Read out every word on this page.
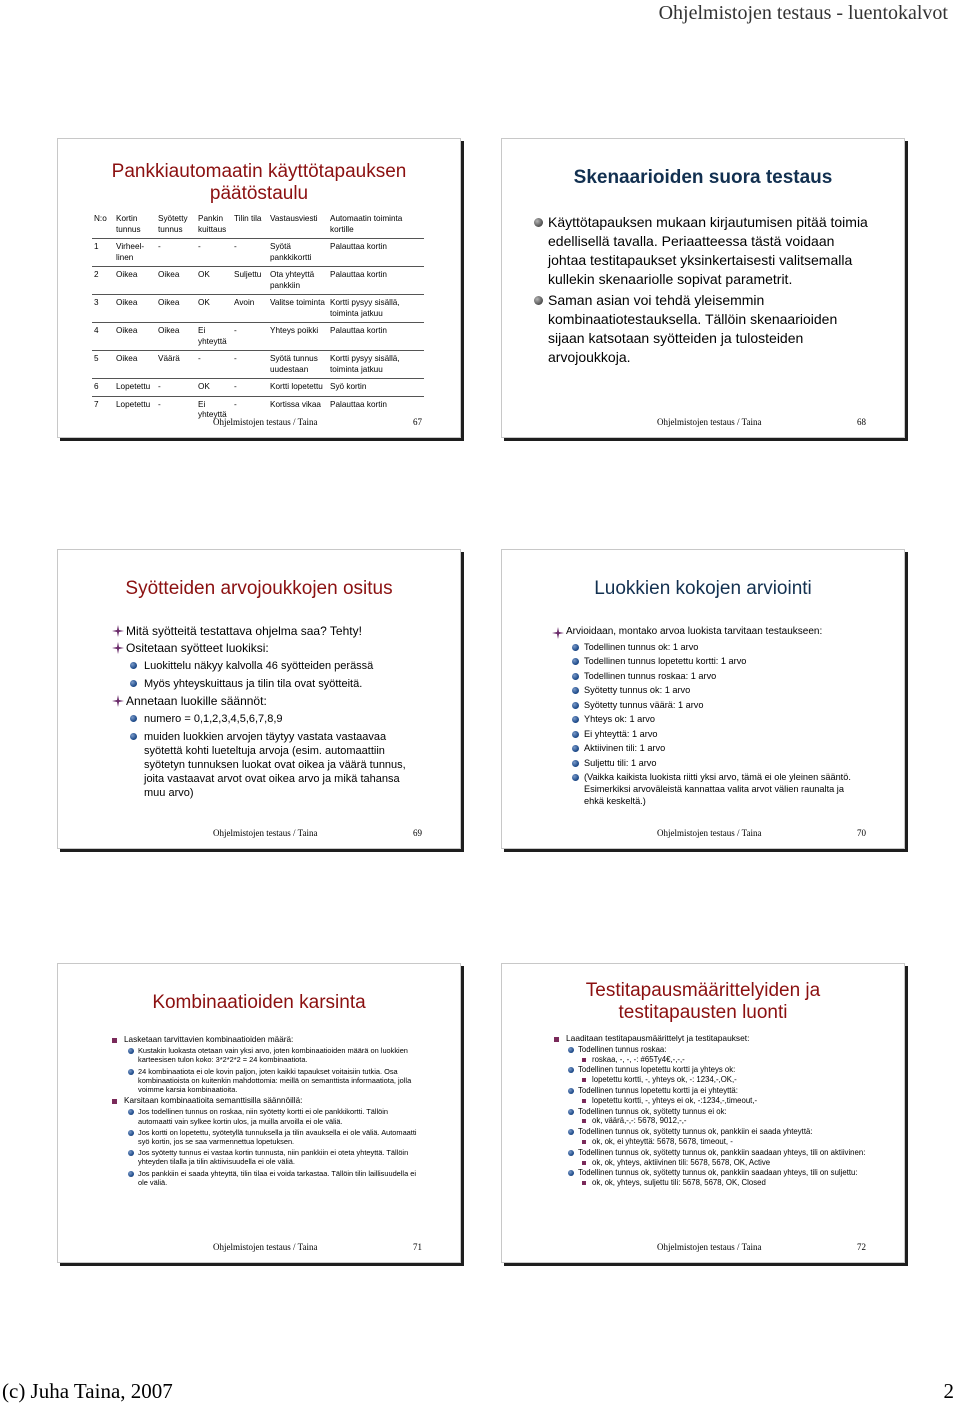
Ohjelmistojen testaus - luentokalvot
Pankkiautomaatin käyttötapauksen päätöstaulu
N:o	Kortin tunnus	Syötetty tunnus	Pankin kuittaus	Tilin tila	Vastausviesti	Automaatin toiminta kortille
1	Virheel-linen	-	-	-	Syötä pankkikortti	Palauttaa kortin
2	Oikea	Oikea	OK	Suljettu	Ota yhteyttä pankkiin	Palauttaa kortin
3	Oikea	Oikea	OK	Avoin	Valitse toiminta	Kortti pysyy sisällä, toiminta jatkuu
4	Oikea	Oikea	Ei yhteyttä	-	Yhteys poikki	Palauttaa kortin
5	Oikea	Väärä	-	-	Syötä tunnus uudestaan	Kortti pysyy sisällä, toiminta jatkuu
6	Lopetettu	-	OK	-	Kortti lopetettu	Syö kortin
7	Lopetettu	-	Ei yhteyttä	-	Kortissa vikaa	Palauttaa kortin
Ohjelmistojen testaus / Taina	67
Skenaarioiden suora testaus
Käyttötapauksen mukaan kirjautumisen pitää toimia edellisellä tavalla. Periaatteessa tästä voidaan johtaa testitapaukset yksinkertaisesti valitsemalla kullekin skenaariolle sopivat parametrit.
Saman asian voi tehdä yleisemmin kombinaatiotestauksella. Tällöin skenaarioiden sijaan katsotaan syötteiden ja tulosteiden arvojoukkoja.
Ohjelmistojen testaus / Taina	68
Syötteiden arvojoukkojen ositus
Mitä syötteitä testattava ohjelma saa? Tehty!
Ositetaan syötteet luokiksi:
Luokittelu näkyy kalvolla 46 syötteiden perässä
Myös yhteyskuittaus ja tilin tila ovat syötteitä.
Annetaan luokille säännöt:
numero = 0,1,2,3,4,5,6,7,8,9
muiden luokkien arvojen täytyy vastata vastaavaa syötettä kohti lueteltuja arvoja (esim. automaattiin syötetyn tunnuksen luokat ovat oikea ja väärä tunnus, joita vastaavat arvot ovat oikea arvo ja mikä tahansa muu arvo)
Ohjelmistojen testaus / Taina	69
Luokkien kokojen arviointi
Arvioidaan, montako arvoa luokista tarvitaan testaukseen:
Todellinen tunnus ok: 1 arvo
Todellinen tunnus lopetettu kortti: 1 arvo
Todellinen tunnus roskaa: 1 arvo
Syötetty tunnus ok: 1 arvo
Syötetty tunnus väärä: 1 arvo
Yhteys ok: 1 arvo
Ei yhteyttä: 1 arvo
Aktiivinen tili: 1 arvo
Suljettu tili: 1 arvo
(Vaikka kaikista luokista riitti yksi arvo, tämä ei ole yleinen sääntö. Esimerkiksi arvoväleistä kannattaa valita arvot välien raunalta ja ehkä keskeltä.)
Ohjelmistojen testaus / Taina	70
Kombinaatioiden karsinta
Lasketaan tarvittavien kombinaatioiden määrä:
Kustakin luokasta otetaan vain yksi arvo, joten kombinaatioiden määrä on luokkien karteesisen tulon koko: 3*2*2*2 = 24 kombinaatiota.
24 kombinaatiota ei ole kovin paljon, joten kaikki tapaukset voitaisiin tutkia. Osa kombinaatioista on kuitenkin mahdottomia: meillä on semanttista informaatiota, jolla voimme karsia kombinaatioita.
Karsitaan kombinaatioita semanttisilla säännöillä:
Jos todellinen tunnus on roskaa, niin syötetty kortti ei ole pankkikortti. Tällöin automaatti vain sylkee kortin ulos, ja muilla arvoilla ei ole väliä.
Jos kortti on lopetettu, syötetyllä tunnuksella ja tilin avauksella ei ole väliä. Automaatti syö kortin, jos se saa varmennettua lopetuksen.
Jos syötetty tunnus ei vastaa kortin tunnusta, niin pankkiin ei oteta yhteyttä. Tällöin yhteyden tilalla ja tilin aktiivisuudella ei ole väliä.
Jos pankkiin ei saada yhteyttä, tilin tilaa ei voida tarkastaa. Tällöin tilin laillisuudella ei ole väliä.
Ohjelmistojen testaus / Taina	71
Testitapausmäärittelyiden ja testitapausten luonti
Laaditaan testitapausmäärittelyt ja testitapaukset:
Todellinen tunnus roskaa:
roskaa, -, -, -: #65Ty4€,-,-,-
Todellinen tunnus lopetettu kortti ja yhteys ok:
lopetettu kortti, -, yhteys ok, -: 1234,-,OK,-
Todellinen tunnus lopetettu kortti ja ei yhteyttä:
lopetettu kortti, -, yhteys ei ok, -:1234,-,timeout,-
Todellinen tunnus ok, syötetty tunnus ei ok:
ok, väärä,-,-: 5678, 9012,-,-
Todellinen tunnus ok, syötetty tunnus ok, pankkiin ei saada yhteyttä:
ok, ok, ei yhteyttä: 5678, 5678, timeout, -
Todellinen tunnus ok, syötetty tunnus ok, pankkiin saadaan yhteys, tili on aktiivinen:
ok, ok, yhteys, aktiivinen tili: 5678, 5678, OK, Active
Todellinen tunnus ok, syötetty tunnus ok, pankkiin saadaan yhteys, tili on suljettu:
ok, ok, yhteys, suljettu tili: 5678, 5678, OK, Closed
Ohjelmistojen testaus / Taina	72
(c) Juha Taina, 2007	2
